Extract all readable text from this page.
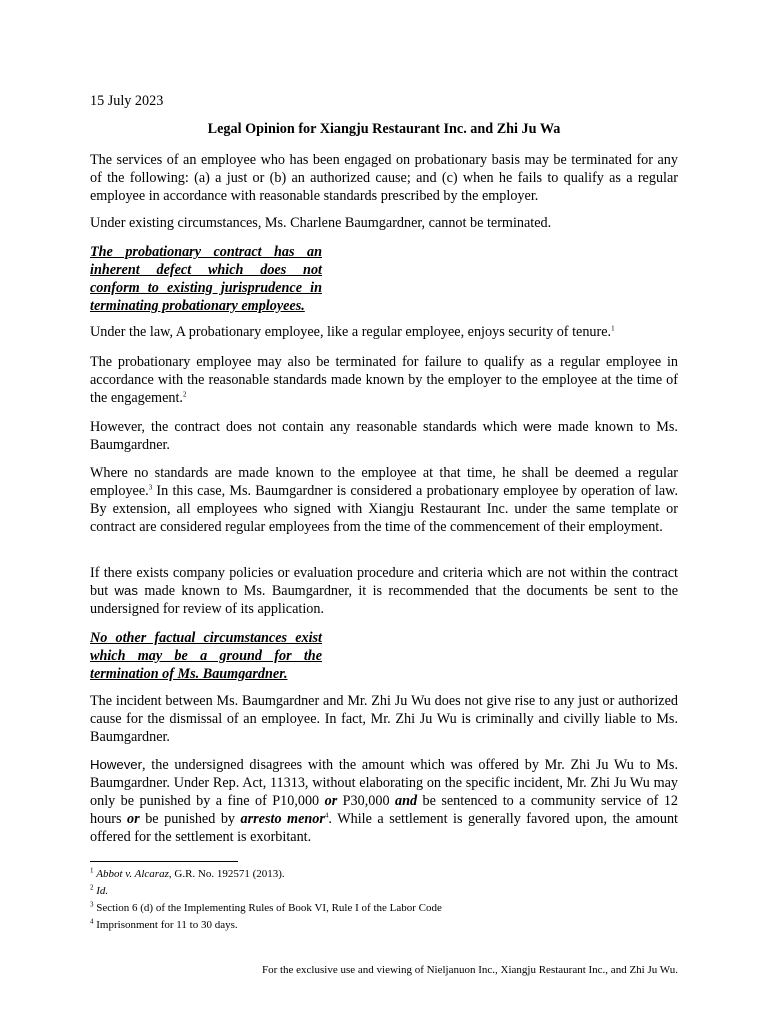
15 July 2023

Legal Opinion for Xiangju Restaurant Inc. and Zhi Ju Wa

The services of an employee who has been engaged on probationary basis may be terminated for any of the following: (a) a just or (b) an authorized cause; and (c) when he fails to qualify as a regular employee in accordance with reasonable standards prescribed by the employer.

Under existing circumstances, Ms. Charlene Baumgardner, cannot be terminated.

The probationary contract has an inherent defect which does not conform to existing jurisprudence in terminating probationary employees.

Under the law, A probationary employee, like a regular employee, enjoys security of tenure.$^1$

The probationary employee may also be terminated for failure to qualify as a regular employee in accordance with the reasonable standards made known by the employer to the employee at the time of the engagement.$^2$

However, the contract does not contain any reasonable standards which were made known to Ms. Baumgardner.

Where no standards are made known to the employee at that time, he shall be deemed a regular employee.$^3$ In this case, Ms. Baumgardner is considered a probationary employee by operation of law. By extension, all employees who signed with Xiangju Restaurant Inc. under the same template or contract are considered regular employees from the time of the commencement of their employment.

If there exists company policies or evaluation procedure and criteria which are not within the contract but was made known to Ms. Baumgardner, it is recommended that the documents be sent to the undersigned for review of its application.

No other factual circumstances exist which may be a ground for the termination of Ms. Baumgardner.

The incident between Ms. Baumgardner and Mr. Zhi Ju Wu does not give rise to any just or authorized cause for the dismissal of an employee. In fact, Mr. Zhi Ju Wu is criminally and civilly liable to Ms. Baumgardner.

However, the undersigned disagrees with the amount which was offered by Mr. Zhi Ju Wu to Ms. Baumgardner. Under Rep. Act, 11313, without elaborating on the specific incident, Mr. Zhi Ju Wu may only be punished by a fine of P10,000 or P30,000 and be sentenced to a community service of 12 hours or be punished by arresto menor$^4$. While a settlement is generally favored upon, the amount offered for the settlement is exorbitant.

$^1$ Abbot v. Alcaraz, G.R. No. 192571 (2013).
$^2$ Id.
$^3$ Section 6 (d) of the Implementing Rules of Book VI, Rule I of the Labor Code
$^4$ Imprisonment for 11 to 30 days.

For the exclusive use and viewing of Nieljanuon Inc., Xiangju Restaurant Inc., and Zhi Ju Wu.
